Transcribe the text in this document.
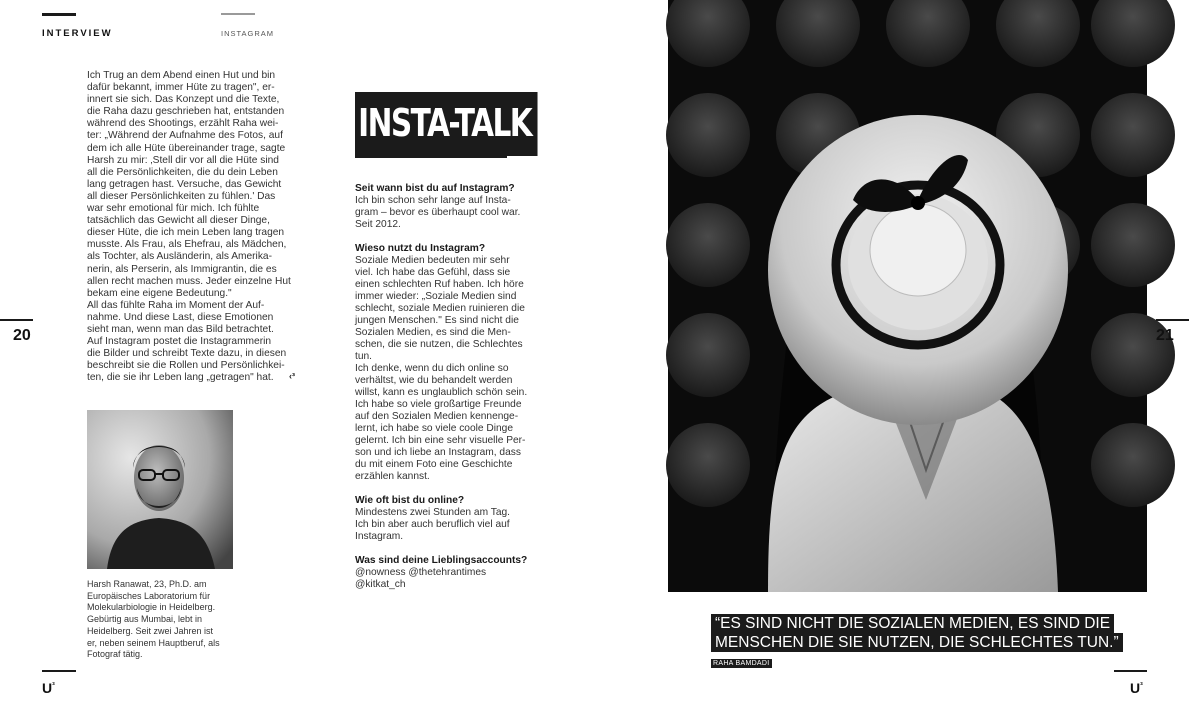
INTERVIEW	INSTAGRAM
Ich Trug an dem Abend einen Hut und bin
dafür bekannt, immer Hüte zu tragen", er-
innert sie sich. Das Konzept und die Texte,
die Raha dazu geschrieben hat, entstanden
während des Shootings, erzählt Raha wei-
ter: „Während der Aufnahme des Fotos, auf
dem ich alle Hüte übereinander trage, sagte
Harsh zu mir: ‚Stell dir vor all die Hüte sind
all die Persönlichkeiten, die du dein Leben
lang getragen hast. Versuche, das Gewicht
all dieser Persönlichkeiten zu fühlen.' Das
war sehr emotional für mich. Ich fühlte
tatsächlich das Gewicht all dieser Dinge,
dieser Hüte, die ich mein Leben lang tragen
musste. Als Frau, als Ehefrau, als Mädchen,
als Tochter, als Ausländerin, als Amerika-
nerin, als Perserin, als Immigrantin, die es
allen recht machen muss. Jeder einzelne Hut
bekam eine eigene Bedeutung."
All das fühlte Raha im Moment der Auf-
nahme. Und diese Last, diese Emotionen
sieht man, wenn man das Bild betrachtet.
Auf Instagram postet die Instagrammerin
die Bilder und schreibt Texte dazu, in diesen
beschreibt sie die Rollen und Persönlichkei-
ten, die sie ihr Leben lang „getragen" hat.	‹³
Harsh Ranawat, 23, Ph.D. am
Europäisches Laboratorium für
Molekularbiologie in Heidelberg.
Gebürtig aus Mumbai, lebt in
Heidelberg. Seit zwei Jahren ist
er, neben seinem Hauptberuf, als
Fotograf tätig.
20
$U^{^3}$
INSTA-TALK
Seit wann bist du auf Instagram?
Ich bin schon sehr lange auf Insta-
gram – bevor es überhaupt cool war.
Seit 2012.
Wieso nutzt du Instagram?
Soziale Medien bedeuten mir sehr
viel. Ich habe das Gefühl, dass sie
einen schlechten Ruf haben. Ich höre
immer wieder: „Soziale Medien sind
schlecht, soziale Medien ruinieren die
jungen Menschen." Es sind nicht die
Sozialen Medien, es sind die Men-
schen, die sie nutzen, die Schlechtes
tun.
Ich denke, wenn du dich online so
verhältst, wie du behandelt werden
willst, kann es unglaublich schön sein.
Ich habe so viele großartige Freunde
auf den Sozialen Medien kennenge-
lernt, ich habe so viele coole Dinge
gelernt. Ich bin eine sehr visuelle Per-
son und ich liebe an Instagram, dass
du mit einem Foto eine Geschichte
erzählen kannst.
Wie oft bist du online?
Mindestens zwei Stunden am Tag.
Ich bin aber auch beruflich viel auf
Instagram.
Was sind deine Lieblingsaccounts?
@nowness @thetehrantimes
@kitkat_ch
“ES SIND NICHT DIE SOZIALEN MEDIEN, ES SIND DIE
MENSCHEN DIE SIE NUTZEN, DIE SCHLECHTES TUN.”
RAHA BAMDADI
21
$U^{^3}$
